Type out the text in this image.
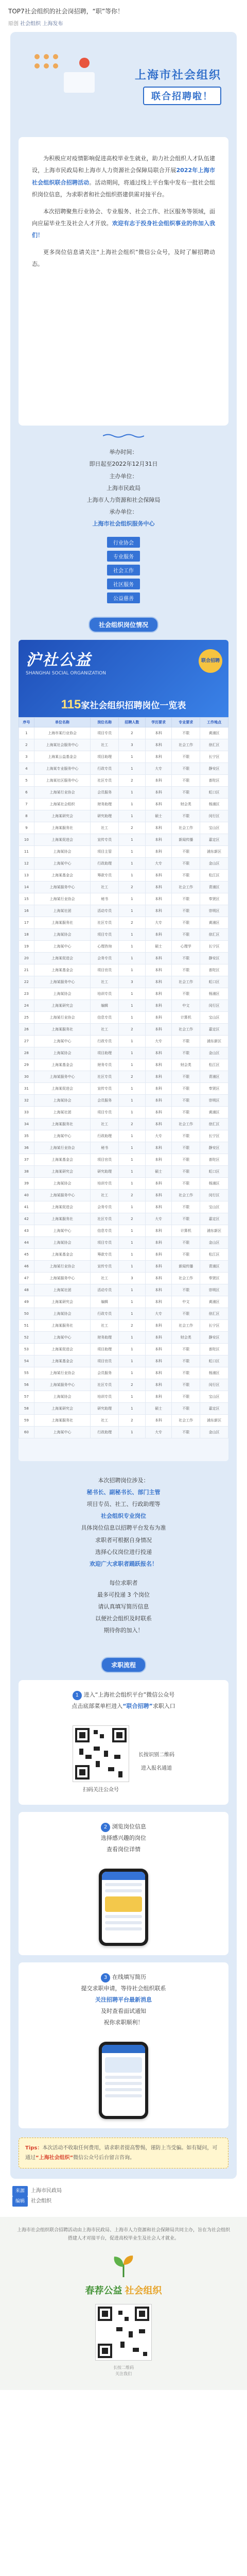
TOP7社会组织的社会岗招聘，“职”等你！
原创 社会组织 上海发布
上海市社会组织
联合招聘啦！

为积极应对疫情影响促进高校毕业生就业，助力社会组织人才队伍建设，上海市民政局和上海市人力资源社会保障局联合开展2022年上海市社会组织联合招聘活动。活动期间，将通过线上平台集中发布一批社会组织岗位信息，为求职者和社会组织搭建供需对接平台。

本次招聘聚焦行业协会、专业服务、社会工作、社区服务等领域，面向应届毕业生及社会人才开放。欢迎有志于投身社会组织事业的你加入我们！

更多岗位信息请关注“上海社会组织”微信公众号，及时了解招聘动态。

举办时间：
即日起至2022年12月31日
主办单位：
上海市民政局
上海市人力资源和社会保障局
承办单位：
上海市社会组织服务中心
行业协会
专业服务
社会工作
社区服务
公益慈善
社会组织岗位情况
沪社公益
SHANGHAI SOCIAL ORGANIZATION
联合招聘
115家社会组织招聘岗位一览表
序号	单位名称	岗位名称	招聘人数	学历要求	专业要求	工作地点
1	上海市某行业协会	项目专员	2	本科	不限	黄浦区
2	上海某社会服务中心	社工	3	本科	社会工作	徐汇区
3	上海某公益基金会	项目助理	1	本科	不限	长宁区
4	上海某专业服务中心	行政专员	1	大专	不限	静安区
5	上海某社区服务中心	社区专员	2	本科	不限	普陀区
6	上海某行业协会	会员服务	1	本科	不限	虹口区
7	上海某社会组织	财务助理	1	本科	财会类	杨浦区
8	上海某研究会	研究助理	1	硕士	不限	闵行区
9	上海某服务社	社工	2	本科	社会工作	宝山区
10	上海某促进会	宣传专员	1	本科	新闻传播	嘉定区
11	上海某协会	项目主管	1	本科	不限	浦东新区
12	上海某中心	行政助理	1	大专	不限	金山区
13	上海某基金会	筹款专员	1	本科	不限	松江区
14	上海某服务中心	社工	2	本科	社会工作	青浦区
15	上海某行业协会	秘书	1	本科	不限	奉贤区
16	上海某社团	活动专员	1	本科	不限	崇明区
17	上海某服务社	社区专员	2	大专	不限	黄浦区
18	上海某协会	项目专员	1	本科	不限	徐汇区
19	上海某中心	心理咨询	1	硕士	心理学	长宁区
20	上海某促进会	会务专员	1	本科	不限	静安区
21	上海某基金会	项目官员	1	本科	不限	普陀区
22	上海某服务中心	社工	3	本科	社会工作	虹口区
23	上海某协会	培训专员	1	本科	不限	杨浦区
24	上海某研究会	编辑	1	本科	中文	闵行区
25	上海某行业协会	信息专员	1	本科	计算机	宝山区
26	上海某服务社	社工	2	本科	社会工作	嘉定区
27	上海某中心	行政专员	1	大专	不限	浦东新区
28	上海某协会	项目助理	1	本科	不限	金山区
29	上海某基金会	财务专员	1	本科	财会类	松江区
30	上海某服务中心	社区专员	2	本科	不限	青浦区
31	上海某促进会	宣传专员	1	本科	不限	奉贤区
32	上海某协会	会员服务	1	本科	不限	崇明区
33	上海某社团	项目专员	1	本科	不限	黄浦区
34	上海某服务社	社工	2	本科	社会工作	徐汇区
35	上海某中心	行政助理	1	大专	不限	长宁区
36	上海某行业协会	秘书	1	本科	不限	静安区
37	上海某基金会	项目官员	1	本科	不限	普陀区
38	上海某研究会	研究助理	1	硕士	不限	虹口区
39	上海某协会	培训专员	1	本科	不限	杨浦区
40	上海某服务中心	社工	2	本科	社会工作	闵行区
41	上海某促进会	会务专员	1	本科	不限	宝山区
42	上海某服务社	社区专员	2	大专	不限	嘉定区
43	上海某中心	信息专员	1	本科	计算机	浦东新区
44	上海某协会	项目专员	1	本科	不限	金山区
45	上海某基金会	筹款专员	1	本科	不限	松江区
46	上海某行业协会	宣传专员	1	本科	新闻传播	青浦区
47	上海某服务中心	社工	3	本科	社会工作	奉贤区
48	上海某社团	活动专员	1	本科	不限	崇明区
49	上海某研究会	编辑	1	本科	中文	黄浦区
50	上海某协会	行政专员	1	大专	不限	徐汇区
51	上海某服务社	社工	2	本科	社会工作	长宁区
52	上海某中心	财务助理	1	本科	财会类	静安区
53	上海某促进会	项目助理	1	本科	不限	普陀区
54	上海某基金会	项目官员	1	本科	不限	虹口区
55	上海某行业协会	会员服务	1	本科	不限	杨浦区
56	上海某服务中心	社区专员	2	本科	不限	闵行区
57	上海某协会	培训专员	1	本科	不限	宝山区
58	上海某研究会	研究助理	1	硕士	不限	嘉定区
59	上海某服务社	社工	2	本科	社会工作	浦东新区
60	上海某中心	行政助理	1	大专	不限	金山区
本次招聘岗位涉及：
秘书长、副秘书长、部门主管
项目专员、社工、行政助理等
社会组织专业岗位
具体岗位信息以招聘平台发布为准
求职者可根据自身情况
选择心仪岗位进行投递
欢迎广大求职者踊跃报名！
每位求职者
最多可投递 3 个岗位
请认真填写简历信息
以便社会组织及时联系
期待你的加入！
求职流程
1 进入“上海社会组织平台”微信公众号
点击底部菜单栏进入“联合招聘”求职入口
扫码关注公众号
长按识别二维码
进入报名通道
2 浏览岗位信息
选择感兴趣的岗位
查看岗位详情
3 在线填写简历
提交求职申请，等待社会组织联系
关注招聘平台最新消息
及时查看面试通知
祝你求职顺利！
Tips：本次活动不收取任何费用，请求职者提高警惕，谨防上当受骗。如有疑问，可通过“上海社会组织”微信公众号后台留言咨询。
来源 上海市民政局
编辑 社会组织
上海市社会组织联合招聘活动由上海市民政局、上海市人力资源和社会保障局共同主办，旨在为社会组织搭建人才对接平台，促进高校毕业生及社会人才就业。
春荐公益 社会组织
长按二维码
关注我们
